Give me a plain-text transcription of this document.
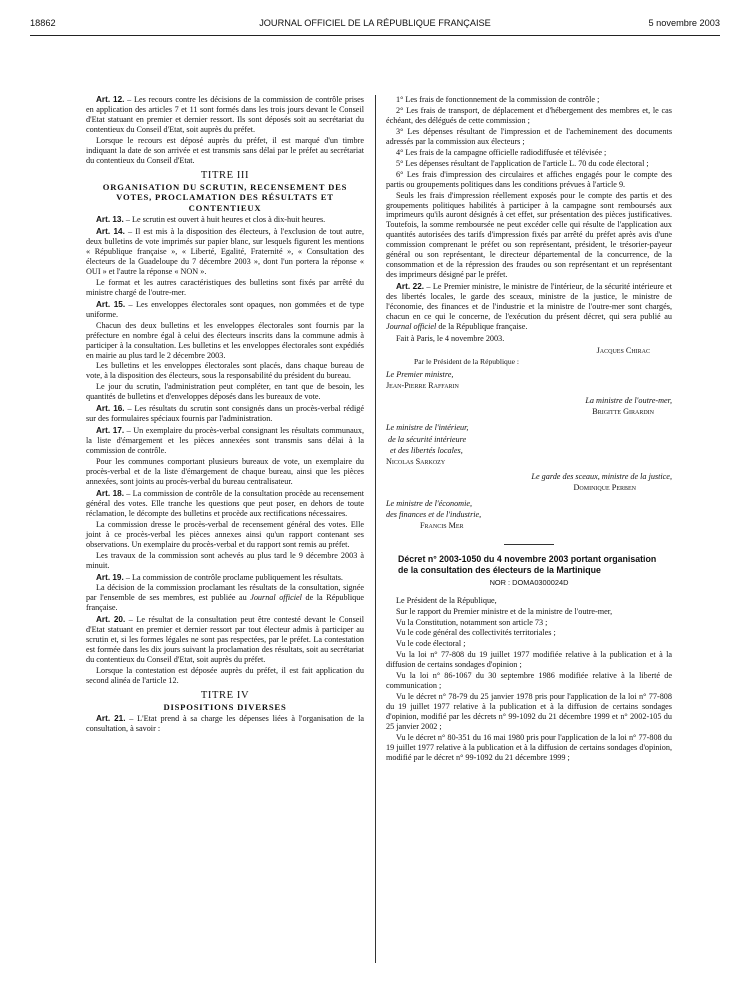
18862	JOURNAL OFFICIEL DE LA RÉPUBLIQUE FRANÇAISE	5 novembre 2003

Art. 12. – Les recours contre les décisions de la commission de contrôle prises en application des articles 7 et 11 sont formés dans les trois jours devant le Conseil d'Etat statuant en premier et dernier ressort. Ils sont déposés soit au secrétariat du contentieux du Conseil d'Etat, soit auprès du préfet.

Lorsque le recours est déposé auprès du préfet, il est marqué d'un timbre indiquant la date de son arrivée et est transmis sans délai par le préfet au secrétariat du contentieux du Conseil d'Etat.

TITRE III

ORGANISATION DU SCRUTIN, RECENSEMENT DES VOTES, PROCLAMATION DES RÉSULTATS ET CONTENTIEUX

Art. 13. – Le scrutin est ouvert à huit heures et clos à dix-huit heures.

Art. 14. – Il est mis à la disposition des électeurs, à l'exclusion de tout autre, deux bulletins de vote imprimés sur papier blanc, sur lesquels figurent les mentions « République française », « Liberté, Egalité, Fraternité », « Consultation des électeurs de la Guadeloupe du 7 décembre 2003 », dont l'un portera la réponse « OUI » et l'autre la réponse « NON ».

Le format et les autres caractéristiques des bulletins sont fixés par arrêté du ministre chargé de l'outre-mer.

Art. 15. – Les enveloppes électorales sont opaques, non gommées et de type uniforme.

Chacun des deux bulletins et les enveloppes électorales sont fournis par la préfecture en nombre égal à celui des électeurs inscrits dans la commune admis à participer à la consultation. Les bulletins et les enveloppes électorales sont expédiés en mairie au plus tard le 2 décembre 2003.

Les bulletins et les enveloppes électorales sont placés, dans chaque bureau de vote, à la disposition des électeurs, sous la responsabilité du président du bureau.

Le jour du scrutin, l'administration peut compléter, en tant que de besoin, les quantités de bulletins et d'enveloppes déposés dans les bureaux de vote.

Art. 16. – Les résultats du scrutin sont consignés dans un procès-verbal rédigé sur des formulaires spéciaux fournis par l'administration.

Art. 17. – Un exemplaire du procès-verbal consignant les résultats communaux, la liste d'émargement et les pièces annexées sont transmis sans délai à la commission de contrôle.

Pour les communes comportant plusieurs bureaux de vote, un exemplaire du procès-verbal et de la liste d'émargement de chaque bureau, ainsi que les pièces annexées, sont joints au procès-verbal du bureau centralisateur.

Art. 18. – La commission de contrôle de la consultation procède au recensement général des votes. Elle tranche les questions que peut poser, en dehors de toute réclamation, le décompte des bulletins et procède aux rectifications nécessaires.

La commission dresse le procès-verbal de recensement général des votes. Elle joint à ce procès-verbal les pièces annexes ainsi qu'un rapport contenant ses observations. Un exemplaire du procès-verbal et du rapport sont remis au préfet.

Les travaux de la commission sont achevés au plus tard le 9 décembre 2003 à minuit.

Art. 19. – La commission de contrôle proclame publiquement les résultats.

La décision de la commission proclamant les résultats de la consultation, signée par l'ensemble de ses membres, est publiée au Journal officiel de la République française.

Art. 20. – Le résultat de la consultation peut être contesté devant le Conseil d'Etat statuant en premier et dernier ressort par tout électeur admis à participer au scrutin et, si les formes légales ne sont pas respectées, par le préfet. La contestation est formée dans les dix jours suivant la proclamation des résultats, soit au secrétariat du contentieux du Conseil d'Etat, soit auprès du préfet.

Lorsque la contestation est déposée auprès du préfet, il est fait application du second alinéa de l'article 12.

TITRE IV

DISPOSITIONS DIVERSES

Art. 21. – L'Etat prend à sa charge les dépenses liées à l'organisation de la consultation, à savoir :

1° Les frais de fonctionnement de la commission de contrôle ;

2° Les frais de transport, de déplacement et d'hébergement des membres et, le cas échéant, des délégués de cette commission ;

3° Les dépenses résultant de l'impression et de l'acheminement des documents adressés par la commission aux électeurs ;

4° Les frais de la campagne officielle radiodiffusée et télévisée ;

5° Les dépenses résultant de l'application de l'article L. 70 du code électoral ;

6° Les frais d'impression des circulaires et affiches engagés pour le compte des partis ou groupements politiques dans les conditions prévues à l'article 9.

Seuls les frais d'impression réellement exposés pour le compte des partis et des groupements politiques habilités à participer à la campagne sont remboursés aux imprimeurs qu'ils auront désignés à cet effet, sur présentation des pièces justificatives. Toutefois, la somme remboursée ne peut excéder celle qui résulte de l'application aux quantités autorisées des tarifs d'impression fixés par arrêté du préfet après avis d'une commission comprenant le préfet ou son représentant, président, le trésorier-payeur général ou son représentant, le directeur départemental de la concurrence, de la consommation et de la répression des fraudes ou son représentant et un représentant des imprimeurs désigné par le préfet.

Art. 22. – Le Premier ministre, le ministre de l'intérieur, de la sécurité intérieure et des libertés locales, le garde des sceaux, ministre de la justice, le ministre de l'économie, des finances et de l'industrie et la ministre de l'outre-mer sont chargés, chacun en ce qui le concerne, de l'exécution du présent décret, qui sera publié au Journal officiel de la République française.

Fait à Paris, le 4 novembre 2003.

Jacques Chirac

Par le Président de la République :

Le Premier ministre,

Jean-Pierre Raffarin

La ministre de l'outre-mer,

Brigitte Girardin

Le ministre de l'intérieur,

de la sécurité intérieure

et des libertés locales,

Nicolas Sarkozy

Le garde des sceaux, ministre de la justice,

Dominique Perben

Le ministre de l'économie,

des finances et de l'industrie,

Francis Mer

Décret n° 2003-1050 du 4 novembre 2003 portant organisation de la consultation des électeurs de la Martinique

NOR : DOMA0300024D

Le Président de la République,

Sur le rapport du Premier ministre et de la ministre de l'outre-mer,

Vu la Constitution, notamment son article 73 ;

Vu le code général des collectivités territoriales ;

Vu le code électoral ;

Vu la loi n° 77-808 du 19 juillet 1977 modifiée relative à la publication et à la diffusion de certains sondages d'opinion ;

Vu la loi n° 86-1067 du 30 septembre 1986 modifiée relative à la liberté de communication ;

Vu le décret n° 78-79 du 25 janvier 1978 pris pour l'application de la loi n° 77-808 du 19 juillet 1977 relative à la publication et à la diffusion de certains sondages d'opinion, modifié par les décrets n° 99-1092 du 21 décembre 1999 et n° 2002-105 du 25 janvier 2002 ;

Vu le décret n° 80-351 du 16 mai 1980 pris pour l'application de la loi n° 77-808 du 19 juillet 1977 relative à la publication et à la diffusion de certains sondages d'opinion, modifié par le décret n° 99-1092 du 21 décembre 1999 ;
